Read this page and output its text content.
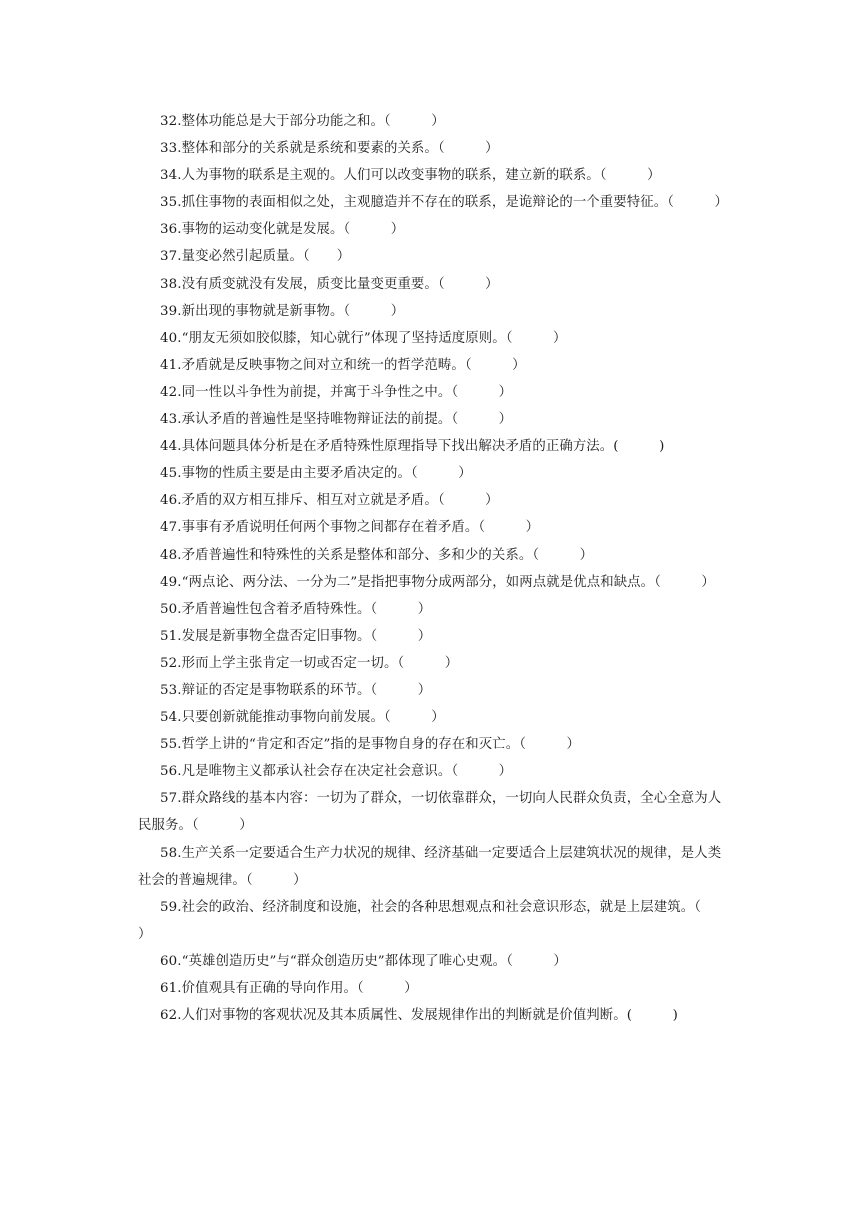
32.整体功能总是大于部分功能之和。（　　　）

33.整体和部分的关系就是系统和要素的关系。（　　　）

34.人为事物的联系是主观的。人们可以改变事物的联系，建立新的联系。（　　　）

35.抓住事物的表面相似之处，主观臆造并不存在的联系，是诡辩论的一个重要特征。（　　　）

36.事物的运动变化就是发展。（　　　）

37.量变必然引起质量。（　　）

38.没有质变就没有发展，质变比量变更重要。（　　　）

39.新出现的事物就是新事物。（　　　）

40.“朋友无须如胶似膝，知心就行”体现了坚持适度原则。（　　　）

41.矛盾就是反映事物之间对立和统一的哲学范畴。（　　　）

42.同一性以斗争性为前提，并寓于斗争性之中。（　　　）

43.承认矛盾的普遍性是坚持唯物辩证法的前提。（　　　）

44.具体问题具体分析是在矛盾特殊性原理指导下找出解决矛盾的正确方法。(　　　)

45.事物的性质主要是由主要矛盾决定的。（　　　）

46.矛盾的双方相互排斥、相互对立就是矛盾。（　　　）

47.事事有矛盾说明任何两个事物之间都存在着矛盾。（　　　）

48.矛盾普遍性和特殊性的关系是整体和部分、多和少的关系。（　　　）

49.“两点论、两分法、一分为二”是指把事物分成两部分，如两点就是优点和缺点。（　　　）

50.矛盾普遍性包含着矛盾特殊性。（　　　）

51.发展是新事物全盘否定旧事物。（　　　）

52.形而上学主张肯定一切或否定一切。（　　　）

53.辩证的否定是事物联系的环节。（　　　）

54.只要创新就能推动事物向前发展。（　　　）

55.哲学上讲的“肯定和否定”指的是事物自身的存在和灭亡。（　　　）

56.凡是唯物主义都承认社会存在决定社会意识。（　　　）

57.群众路线的基本内容：一切为了群众，一切依靠群众，一切向人民群众负责，全心全意为人民服务。（　　　）

58.生产关系一定要适合生产力状况的规律、经济基础一定要适合上层建筑状况的规律，是人类社会的普遍规律。（　　　）

59.社会的政治、经济制度和设施，社会的各种思想观点和社会意识形态，就是上层建筑。（　　　）

60.“英雄创造历史”与“群众创造历史”都体现了唯心史观。（　　　）

61.价值观具有正确的导向作用。（　　　）

62.人们对事物的客观状况及其本质属性、发展规律作出的判断就是价值判断。(　　　)
